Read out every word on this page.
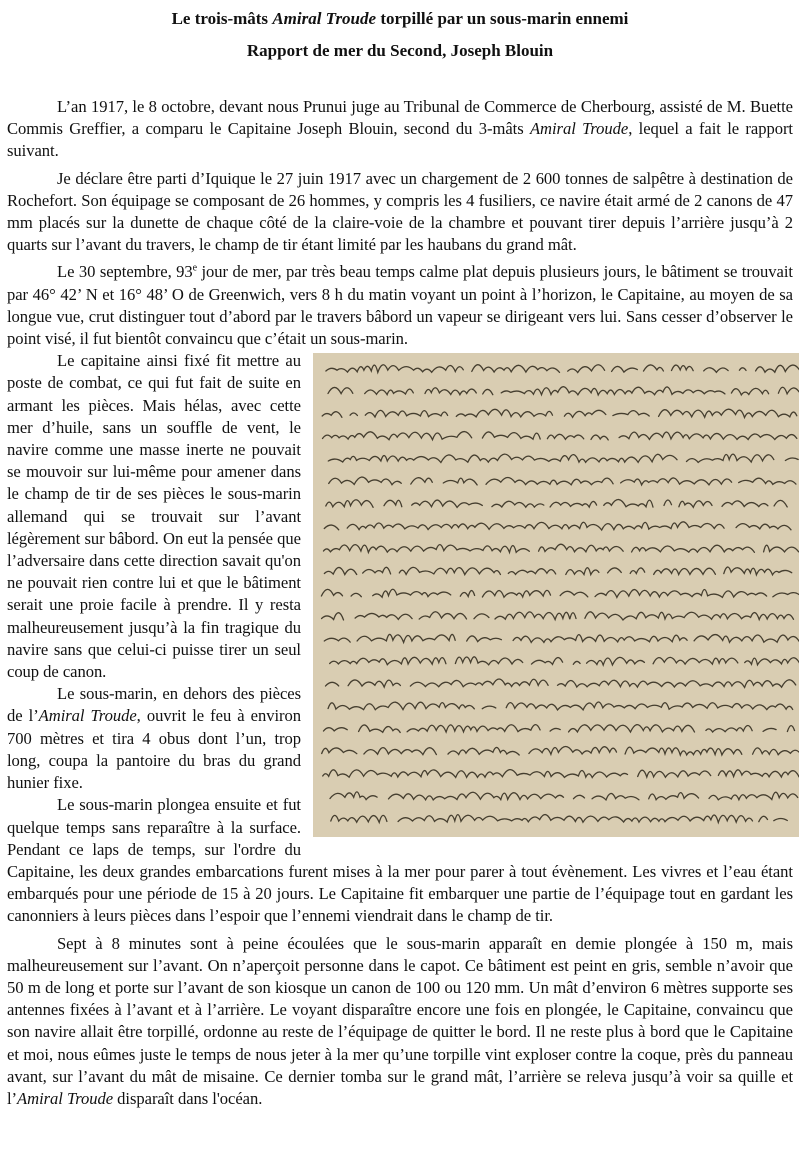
Le trois-mâts Amiral Troude torpillé par un sous-marin ennemi
Rapport de mer du Second, Joseph Blouin

L’an 1917, le 8 octobre, devant nous Prunui juge au Tribunal de Commerce de Cherbourg, assisté de M. Buette Commis Greffier, a comparu le Capitaine Joseph Blouin, second du 3-mâts Amiral Troude, lequel a fait le rapport suivant.

Je déclare être parti d’Iquique le 27 juin 1917 avec un chargement de 2 600 tonnes de salpêtre à destination de Rochefort. Son équipage se composant de 26 hommes, y compris les 4 fusiliers, ce navire était armé de 2 canons de 47 mm placés sur la dunette de chaque côté de la claire-voie de la chambre et pouvant tirer depuis l’arrière jusqu’à 2 quarts sur l’avant du travers, le champ de tir étant limité par les haubans du grand mât.

Le 30 septembre, 93e jour de mer, par très beau temps calme plat depuis plusieurs jours, le bâtiment se trouvait par 46° 42’ N et 16° 48’ O de Greenwich, vers 8 h du matin voyant un point à l’horizon, le Capitaine, au moyen de sa longue vue, crut distinguer tout d’abord par le travers bâbord un vapeur se dirigeant vers lui. Sans cesser d’observer le point visé, il fut bientôt convaincu que c’était un sous-marin.

Le capitaine ainsi fixé fit mettre au poste de combat, ce qui fut fait de suite en armant les pièces. Mais hélas, avec cette mer d’huile, sans un souffle de vent, le navire comme une masse inerte ne pouvait se mouvoir sur lui-même pour amener dans le champ de tir de ses pièces le sous-marin allemand qui se trouvait sur l’avant légèrement sur bâbord. On eut la pensée que l’adversaire dans cette direction savait qu'on ne pouvait rien contre lui et que le bâtiment serait une proie facile à prendre. Il y resta malheureusement jusqu’à la fin tragique du navire sans que celui-ci puisse tirer un seul coup de canon.

Le sous-marin, en dehors des pièces de l’Amiral Troude, ouvrit le feu à environ 700 mètres et tira 4 obus dont l’un, trop long, coupa la pantoire du bras du grand hunier fixe.

Le sous-marin plongea ensuite et fut quelque temps sans reparaître à la surface. Pendant ce laps de temps, sur l'ordre du Capitaine, les deux grandes embarcations furent mises à la mer pour parer à tout évènement. Les vivres et l’eau étant embarqués pour une période de 15 à 20 jours. Le Capitaine fit embarquer une partie de l’équipage tout en gardant les canonniers à leurs pièces dans l’espoir que l’ennemi viendrait dans le champ de tir.

Sept à 8 minutes sont à peine écoulées que le sous-marin apparaît en demie plongée à 150 m, mais malheureusement sur l’avant. On n’aperçoit personne dans le capot. Ce bâtiment est peint en gris, semble n’avoir que 50 m de long et porte sur l’avant de son kiosque un canon de 100 ou 120 mm. Un mât d’environ 6 mètres supporte ses antennes fixées à l’avant et à l’arrière. Le voyant disparaître encore une fois en plongée, le Capitaine, convaincu que son navire allait être torpillé, ordonne au reste de l’équipage de quitter le bord. Il ne reste plus à bord que le Capitaine et moi, nous eûmes juste le temps de nous jeter à la mer qu’une torpille vint exploser contre la coque, près du panneau avant, sur l’avant du mât de misaine. Ce dernier tomba sur le grand mât, l’arrière se releva jusqu’à voir sa quille et l’Amiral Troude disparaît dans l'océan.
